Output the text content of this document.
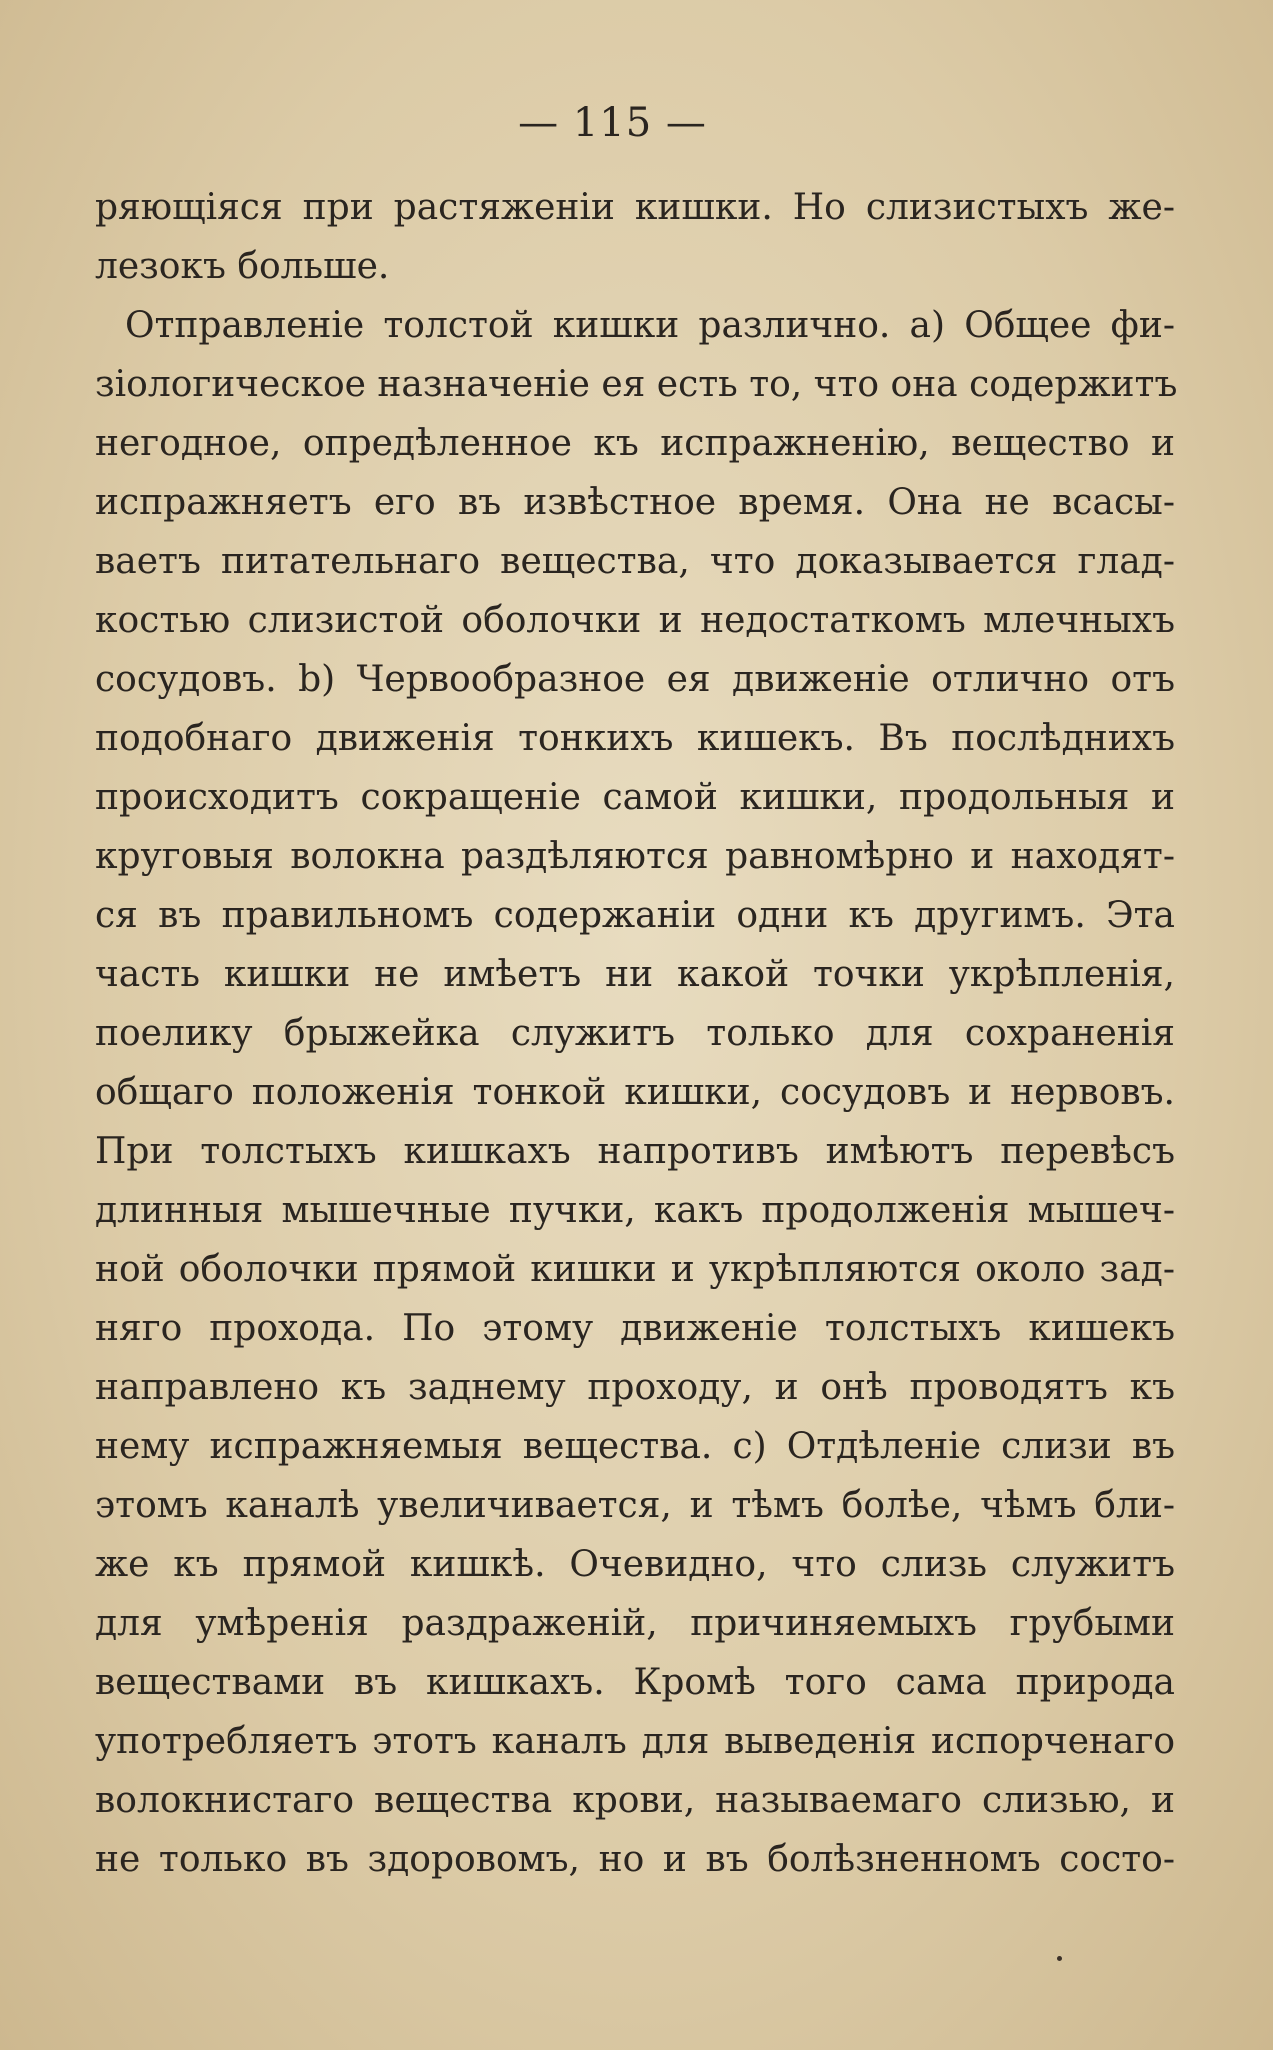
— 115 —
ряющіяся при растяженіи кишки. Но слизистыхъ же-
лезокъ больше.
Отправленіе толстой кишки различно. a) Общее фи-
зіологическое назначеніе ея есть то, что она содержитъ
негодное, опредѣленное къ испражненію, вещество и
испражняетъ его въ извѣстное время. Она не всасы-
ваетъ питательнаго вещества, что доказывается глад-
костью слизистой оболочки и недостаткомъ млечныхъ
сосудовъ. b) Червообразное ея движеніе отлично отъ
подобнаго движенія тонкихъ кишекъ. Въ послѣднихъ
происходитъ сокращеніе самой кишки, продольныя и
круговыя волокна раздѣляются равномѣрно и находят-
ся въ правильномъ содержаніи одни къ другимъ. Эта
часть кишки не имѣетъ ни какой точки укрѣпленія,
поелику брыжейка служитъ только для сохраненія
общаго положенія тонкой кишки, сосудовъ и нервовъ.
При толстыхъ кишкахъ напротивъ имѣютъ перевѣсъ
длинныя мышечные пучки, какъ продолженія мышеч-
ной оболочки прямой кишки и укрѣпляются около зад-
няго прохода. По этому движеніе толстыхъ кишекъ
направлено къ заднему проходу, и онѣ проводятъ къ
нему испражняемыя вещества. c) Отдѣленіе слизи въ
этомъ каналѣ увеличивается, и тѣмъ болѣе, чѣмъ бли-
же къ прямой кишкѣ. Очевидно, что слизь служитъ
для умѣренія раздраженій, причиняемыхъ грубыми
веществами въ кишкахъ. Кромѣ того сама природа
употребляетъ этотъ каналъ для выведенія испорченаго
волокнистаго вещества крови, называемаго слизью, и
не только въ здоровомъ, но и въ болѣзненномъ состо-
